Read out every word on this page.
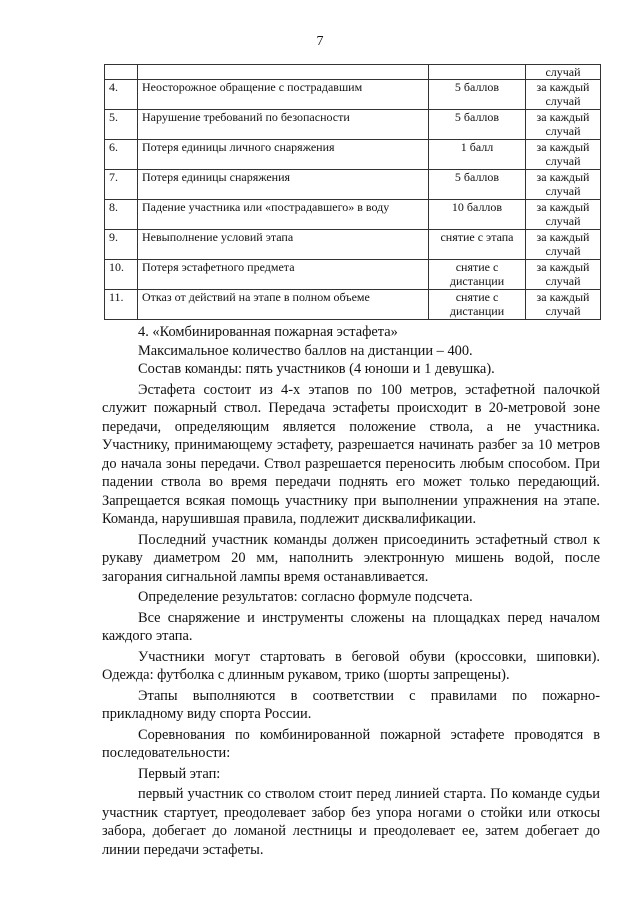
7
			случай
4.	Неосторожное обращение с пострадавшим	5 баллов	за каждый случай
5.	Нарушение требований по безопасности	5 баллов	за каждый случай
6.	Потеря единицы личного снаряжения	1 балл	за каждый случай
7.	Потеря единицы снаряжения	5 баллов	за каждый случай
8.	Падение участника или «пострадавшего» в воду	10 баллов	за каждый случай
9.	Невыполнение условий этапа	снятие с этапа	за каждый случай
10.	Потеря эстафетного предмета	снятие с дистанции	за каждый случай
11.	Отказ от действий на этапе в полном объеме	снятие с дистанции	за каждый случай

4. «Комбинированная пожарная эстафета»

Максимальное количество баллов на дистанции – 400.

Состав команды: пять участников (4 юноши и 1 девушка).

Эстафета состоит из 4-х этапов по 100 метров, эстафетной палочкой служит пожарный ствол. Передача эстафеты происходит в 20-метровой зоне передачи, определяющим является положение ствола, а не участника. Участнику, принимающему эстафету, разрешается начинать разбег за 10 метров до начала зоны передачи. Ствол разрешается переносить любым способом. При падении ствола во время передачи поднять его может только передающий. Запрещается всякая помощь участнику при выполнении упражнения на этапе. Команда, нарушившая правила, подлежит дисквалификации.

Последний участник команды должен присоединить эстафетный ствол к рукаву диаметром 20 мм, наполнить электронную мишень водой, после загорания сигнальной лампы время останавливается.

Определение результатов: согласно формуле подсчета.

Все снаряжение и инструменты сложены на площадках перед началом каждого этапа.

Участники могут стартовать в беговой обуви (кроссовки, шиповки). Одежда: футболка с длинным рукавом, трико (шорты запрещены).

Этапы выполняются в соответствии с правилами по пожарно-прикладному виду спорта России.

Соревнования по комбинированной пожарной эстафете проводятся в последовательности:

Первый этап:

первый участник со стволом стоит перед линией старта. По команде судьи участник стартует, преодолевает забор без упора ногами о стойки или откосы забора, добегает до ломаной лестницы и преодолевает ее, затем добегает до линии передачи эстафеты.
